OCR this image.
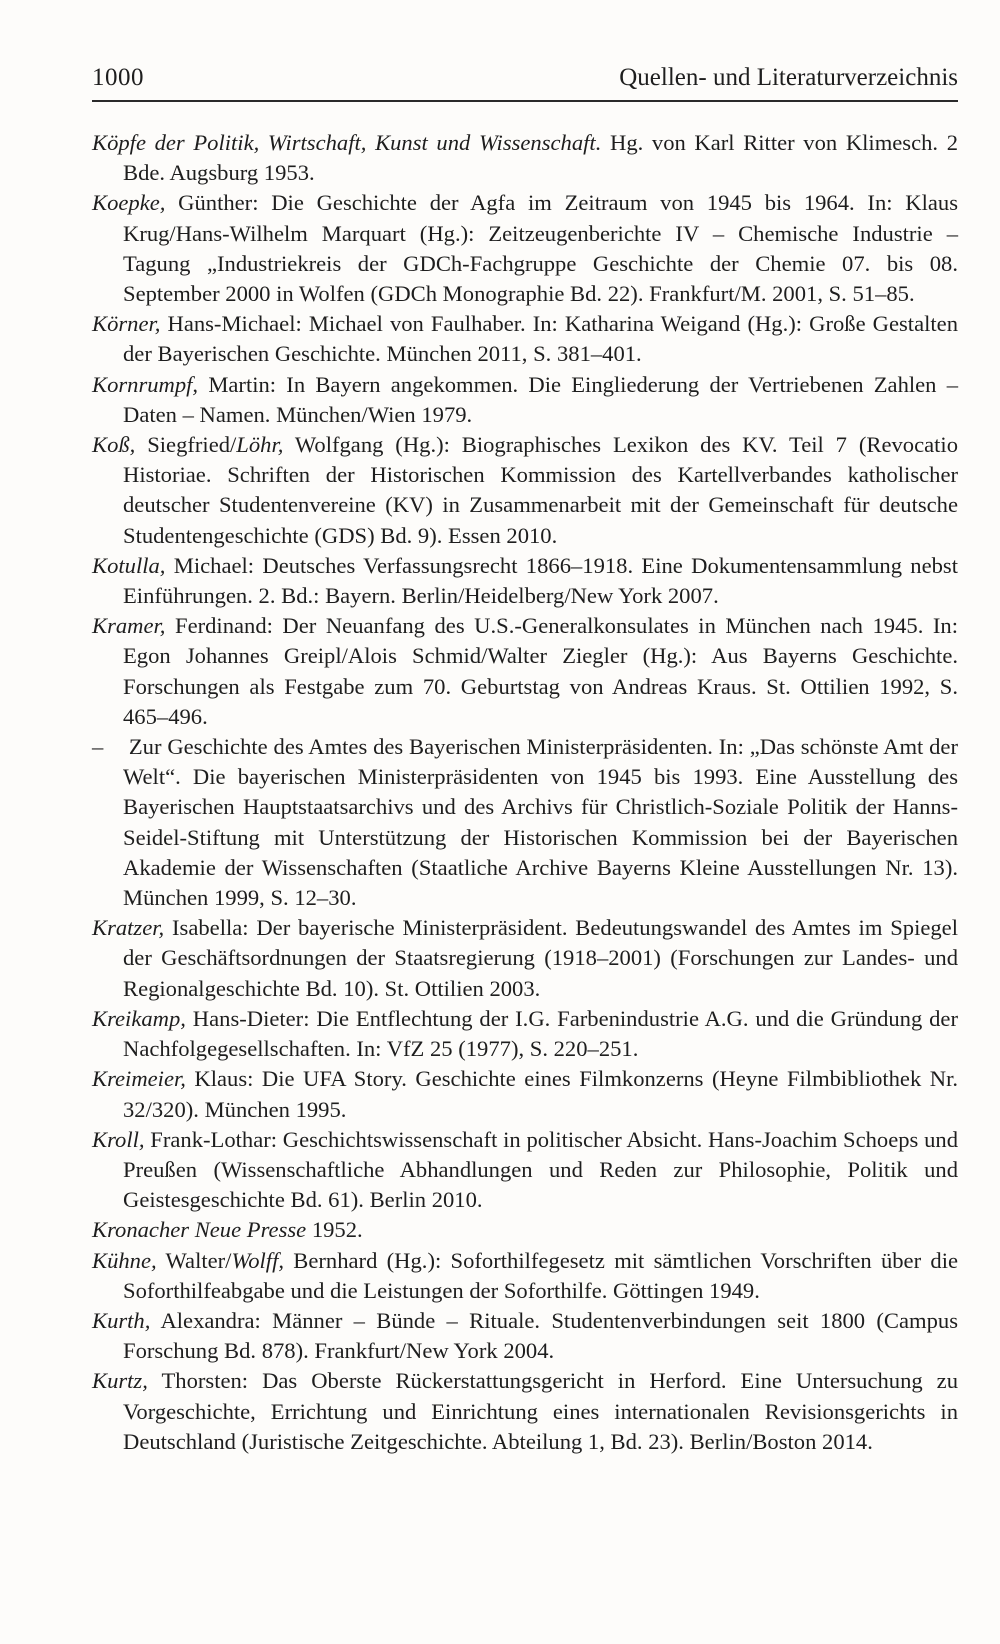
1000	Quellen- und Literaturverzeichnis

Köpfe der Politik, Wirtschaft, Kunst und Wissenschaft. Hg. von Karl Ritter von Klimesch. 2 Bde. Augsburg 1953.

Koepke, Günther: Die Geschichte der Agfa im Zeitraum von 1945 bis 1964. In: Klaus Krug/Hans-Wilhelm Marquart (Hg.): Zeitzeugenberichte IV – Chemische Industrie – Tagung „Industriekreis der GDCh-Fachgruppe Geschichte der Chemie 07. bis 08. September 2000 in Wolfen (GDCh Monographie Bd. 22). Frankfurt/M. 2001, S. 51–85.

Körner, Hans-Michael: Michael von Faulhaber. In: Katharina Weigand (Hg.): Große Gestalten der Bayerischen Geschichte. München 2011, S. 381–401.

Kornrumpf, Martin: In Bayern angekommen. Die Eingliederung der Vertriebenen Zahlen – Daten – Namen. München/Wien 1979.

Koß, Siegfried/Löhr, Wolfgang (Hg.): Biographisches Lexikon des KV. Teil 7 (Revocatio Historiae. Schriften der Historischen Kommission des Kartellverbandes katholischer deutscher Studentenvereine (KV) in Zusammenarbeit mit der Gemeinschaft für deutsche Studentengeschichte (GDS) Bd. 9). Essen 2010.

Kotulla, Michael: Deutsches Verfassungsrecht 1866–1918. Eine Dokumentensammlung nebst Einführungen. 2. Bd.: Bayern. Berlin/Heidelberg/New York 2007.

Kramer, Ferdinand: Der Neuanfang des U.S.-Generalkonsulates in München nach 1945. In: Egon Johannes Greipl/Alois Schmid/Walter Ziegler (Hg.): Aus Bayerns Geschichte. Forschungen als Festgabe zum 70. Geburtstag von Andreas Kraus. St. Ottilien 1992, S. 465–496.

– Zur Geschichte des Amtes des Bayerischen Ministerpräsidenten. In: „Das schönste Amt der Welt“. Die bayerischen Ministerpräsidenten von 1945 bis 1993. Eine Ausstellung des Bayerischen Hauptstaatsarchivs und des Archivs für Christlich-Soziale Politik der Hanns-Seidel-Stiftung mit Unterstützung der Historischen Kommission bei der Bayerischen Akademie der Wissenschaften (Staatliche Archive Bayerns Kleine Ausstellungen Nr. 13). München 1999, S. 12–30.

Kratzer, Isabella: Der bayerische Ministerpräsident. Bedeutungswandel des Amtes im Spiegel der Geschäftsordnungen der Staatsregierung (1918–2001) (Forschungen zur Landes- und Regionalgeschichte Bd. 10). St. Ottilien 2003.

Kreikamp, Hans-Dieter: Die Entflechtung der I.G. Farbenindustrie A.G. und die Gründung der Nachfolgegesellschaften. In: VfZ 25 (1977), S. 220–251.

Kreimeier, Klaus: Die UFA Story. Geschichte eines Filmkonzerns (Heyne Filmbibliothek Nr. 32/320). München 1995.

Kroll, Frank-Lothar: Geschichtswissenschaft in politischer Absicht. Hans-Joachim Schoeps und Preußen (Wissenschaftliche Abhandlungen und Reden zur Philosophie, Politik und Geistesgeschichte Bd. 61). Berlin 2010.

Kronacher Neue Presse 1952.

Kühne, Walter/Wolff, Bernhard (Hg.): Soforthilfegesetz mit sämtlichen Vorschriften über die Soforthilfeabgabe und die Leistungen der Soforthilfe. Göttingen 1949.

Kurth, Alexandra: Männer – Bünde – Rituale. Studentenverbindungen seit 1800 (Campus Forschung Bd. 878). Frankfurt/New York 2004.

Kurtz, Thorsten: Das Oberste Rückerstattungsgericht in Herford. Eine Untersuchung zu Vorgeschichte, Errichtung und Einrichtung eines internationalen Revisionsgerichts in Deutschland (Juristische Zeitgeschichte. Abteilung 1, Bd. 23). Berlin/Boston 2014.
